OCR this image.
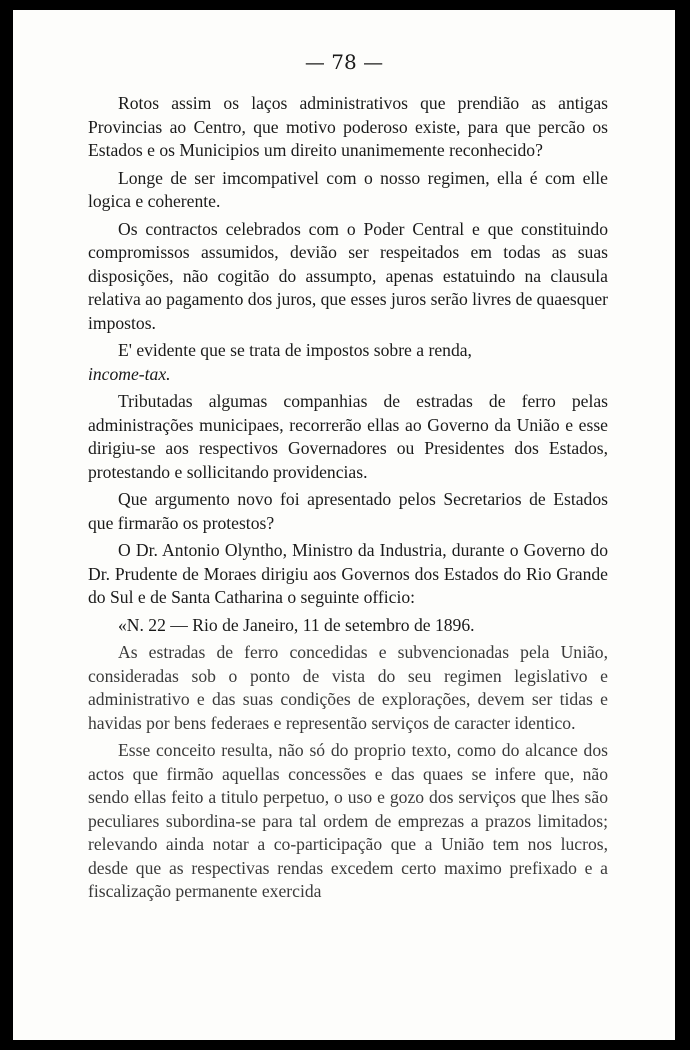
— 78 —

Rotos assim os laços administrativos que prendião as antigas Provincias ao Centro, que motivo poderoso existe, para que percão os Estados e os Municipios um direito unanimemente reconhecido?

Longe de ser imcompativel com o nosso regimen, ella é com elle logica e coherente.

Os contractos celebrados com o Poder Central e que constituindo compromissos assumidos, devião ser respeitados em todas as suas disposições, não cogitão do assumpto, apenas estatuindo na clausula relativa ao pagamento dos juros, que esses juros serão livres de quaesquer impostos.

E' evidente que se trata de impostos sobre a renda,

income-tax.

Tributadas algumas companhias de estradas de ferro pelas administrações municipaes, recorrerão ellas ao Governo da União e esse dirigiu-se aos respectivos Governadores ou Presidentes dos Estados, protestando e sollicitando providencias.

Que argumento novo foi apresentado pelos Secretarios de Estados que firmarão os protestos?

O Dr. Antonio Olyntho, Ministro da Industria, durante o Governo do Dr. Prudente de Moraes dirigiu aos Governos dos Estados do Rio Grande do Sul e de Santa Catharina o seguinte officio:

«N. 22 — Rio de Janeiro, 11 de setembro de 1896.

As estradas de ferro concedidas e subvencionadas pela União, consideradas sob o ponto de vista do seu regimen legislativo e administrativo e das suas condições de explorações, devem ser tidas e havidas por bens federaes e representão serviços de caracter identico.

Esse conceito resulta, não só do proprio texto, como do alcance dos actos que firmão aquellas concessões e das quaes se infere que, não sendo ellas feito a titulo perpetuo, o uso e gozo dos serviços que lhes são peculiares subordina-se para tal ordem de emprezas a prazos limitados; relevando ainda notar a co-participação que a União tem nos lucros, desde que as respectivas rendas excedem certo maximo prefixado e a fiscalização permanente exercida
